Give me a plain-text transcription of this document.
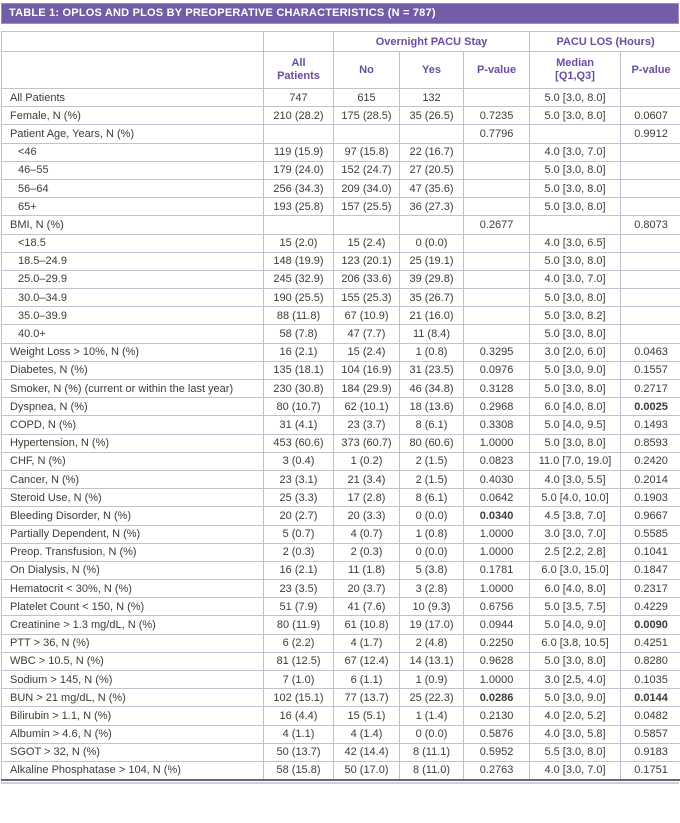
TABLE 1: OPLOS AND PLOS BY PREOPERATIVE CHARACTERISTICS (N = 787)
		Overnight PACU Stay			PACU LOS (Hours)	
	All Patients	No	Yes	P-value	Median [Q1,Q3]	P-value
All Patients	747	615	132		5.0 [3.0, 8.0]	
Female, N (%)	210 (28.2)	175 (28.5)	35 (26.5)	0.7235	5.0 [3.0, 8.0]	0.0607
Patient Age, Years, N (%)				0.7796		0.9912
<46	119 (15.9)	97 (15.8)	22 (16.7)		4.0 [3.0, 7.0]	
46–55	179 (24.0)	152 (24.7)	27 (20.5)		5.0 [3.0, 8.0]	
56–64	256 (34.3)	209 (34.0)	47 (35.6)		5.0 [3.0, 8.0]	
65+	193 (25.8)	157 (25.5)	36 (27.3)		5.0 [3.0, 8.0]	
BMI, N (%)				0.2677		0.8073
<18.5	15 (2.0)	15 (2.4)	0 (0.0)		4.0 [3.0, 6.5]	
18.5–24.9	148 (19.9)	123 (20.1)	25 (19.1)		5.0 [3.0, 8.0]	
25.0–29.9	245 (32.9)	206 (33.6)	39 (29.8)		4.0 [3.0, 7.0]	
30.0–34.9	190 (25.5)	155 (25.3)	35 (26.7)		5.0 [3.0, 8.0]	
35.0–39.9	88 (11.8)	67 (10.9)	21 (16.0)		5.0 [3.0, 8.2]	
40.0+	58 (7.8)	47 (7.7)	11 (8.4)		5.0 [3.0, 8.0]	
Weight Loss > 10%, N (%)	16 (2.1)	15 (2.4)	1 (0.8)	0.3295	3.0 [2.0, 6.0]	0.0463
Diabetes, N (%)	135 (18.1)	104 (16.9)	31 (23.5)	0.0976	5.0 [3.0, 9.0]	0.1557
Smoker, N (%) (current or within the last year)	230 (30.8)	184 (29.9)	46 (34.8)	0.3128	5.0 [3.0, 8.0]	0.2717
Dyspnea, N (%)	80 (10.7)	62 (10.1)	18 (13.6)	0.2968	6.0 [4.0, 8.0]	0.0025
COPD, N (%)	31 (4.1)	23 (3.7)	8 (6.1)	0.3308	5.0 [4.0, 9.5]	0.1493
Hypertension, N (%)	453 (60.6)	373 (60.7)	80 (60.6)	1.0000	5.0 [3.0, 8.0]	0.8593
CHF, N (%)	3 (0.4)	1 (0.2)	2 (1.5)	0.0823	11.0 [7.0, 19.0]	0.2420
Cancer, N (%)	23 (3.1)	21 (3.4)	2 (1.5)	0.4030	4.0 [3.0, 5.5]	0.2014
Steroid Use, N (%)	25 (3.3)	17 (2.8)	8 (6.1)	0.0642	5.0 [4.0, 10.0]	0.1903
Bleeding Disorder, N (%)	20 (2.7)	20 (3.3)	0 (0.0)	0.0340	4.5 [3.8, 7.0]	0.9667
Partially Dependent, N (%)	5 (0.7)	4 (0.7)	1 (0.8)	1.0000	3.0 [3.0, 7.0]	0.5585
Preop. Transfusion, N (%)	2 (0.3)	2 (0.3)	0 (0.0)	1.0000	2.5 [2.2, 2.8]	0.1041
On Dialysis, N (%)	16 (2.1)	11 (1.8)	5 (3.8)	0.1781	6.0 [3.0, 15.0]	0.1847
Hematocrit < 30%, N (%)	23 (3.5)	20 (3.7)	3 (2.8)	1.0000	6.0 [4.0, 8.0]	0.2317
Platelet Count < 150, N (%)	51 (7.9)	41 (7.6)	10 (9.3)	0.6756	5.0 [3.5, 7.5]	0.4229
Creatinine > 1.3 mg/dL, N (%)	80 (11.9)	61 (10.8)	19 (17.0)	0.0944	5.0 [4.0, 9.0]	0.0090
PTT > 36, N (%)	6 (2.2)	4 (1.7)	2 (4.8)	0.2250	6.0 [3.8, 10.5]	0.4251
WBC > 10.5, N (%)	81 (12.5)	67 (12.4)	14 (13.1)	0.9628	5.0 [3.0, 8.0]	0.8280
Sodium > 145, N (%)	7 (1.0)	6 (1.1)	1 (0.9)	1.0000	3.0 [2.5, 4.0]	0.1035
BUN > 21 mg/dL, N (%)	102 (15.1)	77 (13.7)	25 (22.3)	0.0286	5.0 [3.0, 9.0]	0.0144
Bilirubin > 1.1, N (%)	16 (4.4)	15 (5.1)	1 (1.4)	0.2130	4.0 [2.0, 5.2]	0.0482
Albumin > 4.6, N (%)	4 (1.1)	4 (1.4)	0 (0.0)	0.5876	4.0 [3.0, 5.8]	0.5857
SGOT > 32, N (%)	50 (13.7)	42 (14.4)	8 (11.1)	0.5952	5.5 [3.0, 8.0]	0.9183
Alkaline Phosphatase > 104, N (%)	58 (15.8)	50 (17.0)	8 (11.0)	0.2763	4.0 [3.0, 7.0]	0.1751
